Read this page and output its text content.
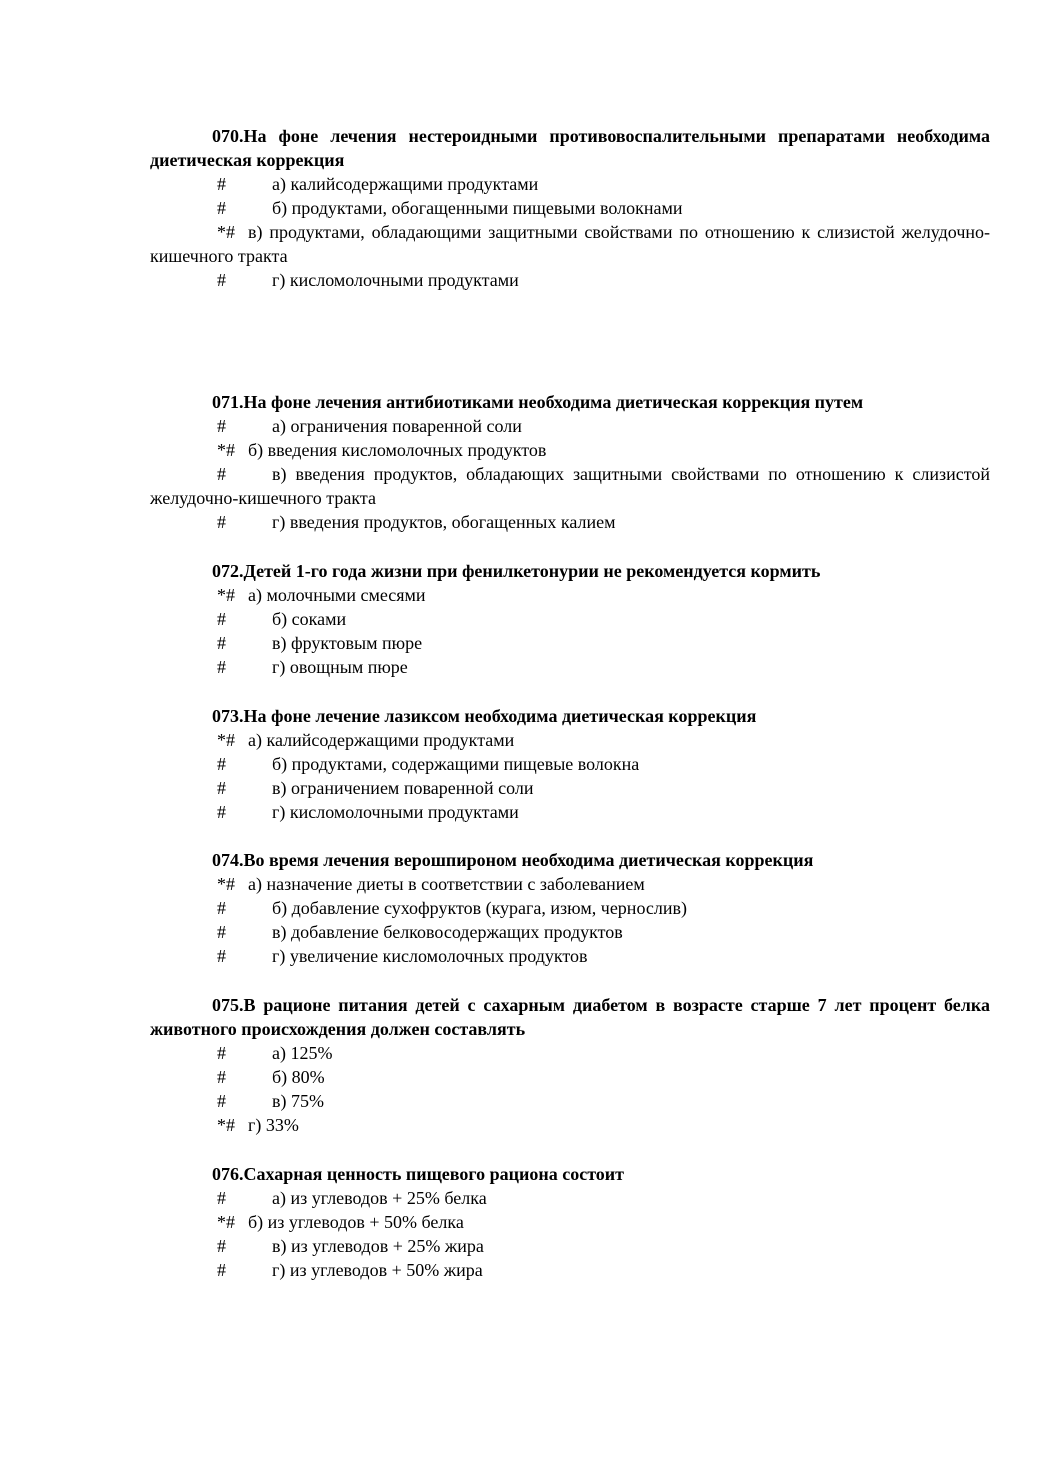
070.На фоне лечения нестероидными противовоспалительными препаратами необходима диетическая коррекция

#	а) калийсодержащими продуктами
#	б) продуктами, обогащенными пищевыми волокнами
*# в) продуктами, обладающими защитными свойствами по отношению к слизистой желудочно-кишечного тракта

#	г) кисломолочными продуктами

071.На фоне лечения антибиотиками необходима диетическая коррекция путем

#	а) ограничения поваренной соли
*# б) введения кисломолочных продуктов
#	в) введения продуктов, обладающих защитными свойствами по отношению к слизистой желудочно-кишечного тракта

#	г) введения продуктов, обогащенных калием

072.Детей 1-го года жизни при фенилкетонурии не рекомендуется кормить

*# а) молочными смесями
#	б) соками
#	в) фруктовым пюре
#	г) овощным пюре

073.На фоне лечение лазиксом необходима диетическая коррекция

*# а) калийсодержащими продуктами
#	б) продуктами, содержащими пищевые волокна
#	в) ограничением поваренной соли
#	г) кисломолочными продуктами

074.Во время лечения верошпироном необходима диетическая коррекция

*# а) назначение диеты в соответствии с заболеванием
#	б) добавление сухофруктов (курага, изюм, чернослив)
#	в) добавление белковосодержащих продуктов
#	г) увеличение кисломолочных продуктов

075.В рационе питания детей с сахарным диабетом в возрасте старше 7 лет процент белка животного происхождения должен составлять

#	а) 125%
#	б) 80%
#	в) 75%
*# г) 33%

076.Сахарная ценность пищевого рациона состоит

#	а) из углеводов + 25% белка
*# б) из углеводов + 50% белка
#	в) из углеводов + 25% жира
#	г) из углеводов + 50% жира
